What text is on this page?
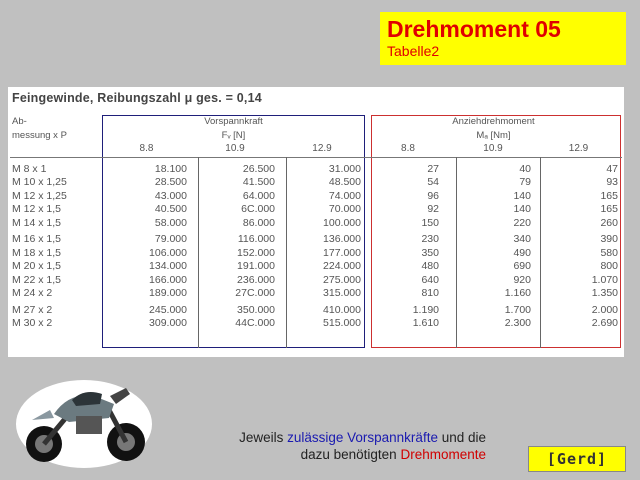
Drehmoment 05
Tabelle2
Feingewinde, Reibungszahl μ ges. = 0,14
Ab-	Vorspannkraft			Anziehdrehmoment		
messung x P	Fᵥ [N]			Mₐ [Nm]		
	8.8	10.9	12.9	8.8	10.9	12.9

M 8 x 1	18.100	26.500	31.000	27	40	47
M 10 x 1,25	28.500	41.500	48.500	54	79	93
M 12 x 1,25	43.000	64.000	74.000	96	140	165
M 12 x 1,5	40.500	6C.000	70.000	92	140	165
M 14 x 1,5	58.000	86.000	100.000	150	220	260

M 16 x 1,5	79.000	116.000	136.000	230	340	390
M 18 x 1,5	106.000	152.000	177.000	350	490	580
M 20 x 1,5	134.000	191.000	224.000	480	690	800
M 22 x 1,5	166.000	236.000	275.000	640	920	1.070
M 24 x 2	189.000	27C.000	315.000	810	1.160	1.350

M 27 x 2	245.000	350.000	410.000	1.190	1.700	2.000
M 30 x 2	309.000	44C.000	515.000	1.610	2.300	2.690
Jeweils zulässige Vorspannkräfte und die
dazu benötigten Drehmomente	[Gerd]
